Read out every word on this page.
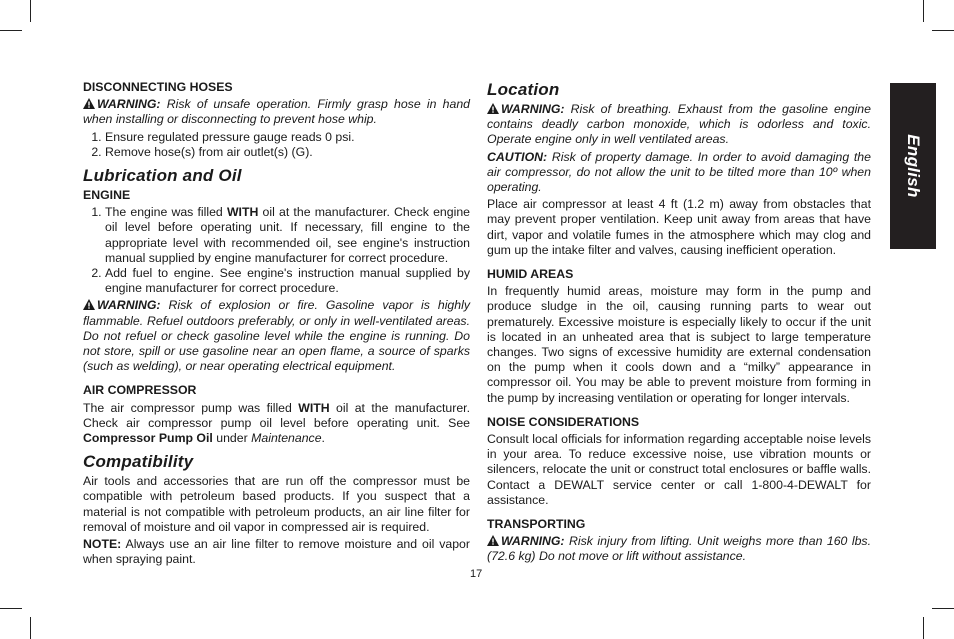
DISCONNECTING HOSES
WARNING: Risk of unsafe operation. Firmly grasp hose in hand when installing or disconnecting to prevent hose whip.
1. Ensure regulated pressure gauge reads 0 psi.
2. Remove hose(s) from air outlet(s) (G).
Lubrication and Oil
ENGINE
1. The engine was filled WITH oil at the manufacturer. Check engine oil level before operating unit. If necessary, fill engine to the appropriate level with recommended oil, see engine's instruction manual supplied by engine manufacturer for correct procedure.
2. Add fuel to engine. See engine's instruction manual supplied by engine manufacturer for correct procedure.
WARNING: Risk of explosion or fire. Gasoline vapor is highly flammable. Refuel outdoors preferably, or only in well-ventilated areas. Do not refuel or check gasoline level while the engine is running. Do not store, spill or use gasoline near an open flame, a source of sparks (such as welding), or near operating electrical equipment.
AIR COMPRESSOR

The air compressor pump was filled WITH oil at the manufacturer. Check air compressor pump oil level before operating unit. See Compressor Pump Oil under Maintenance.

Compatibility

Air tools and accessories that are run off the compressor must be compatible with petroleum based products. If you suspect that a material is not compatible with petroleum products, an air line filter for removal of moisture and oil vapor in compressed air is required.

NOTE: Always use an air line filter to remove moisture and oil vapor when spraying paint.

Location
WARNING: Risk of breathing. Exhaust from the gasoline engine contains deadly carbon monoxide, which is odorless and toxic. Operate engine only in well ventilated areas.
CAUTION: Risk of property damage. In order to avoid damaging the air compressor, do not allow the unit to be tilted more than 10º when operating.

Place air compressor at least 4 ft (1.2 m) away from obstacles that may prevent proper ventilation. Keep unit away from areas that have dirt, vapor and volatile fumes in the atmosphere which may clog and gum up the intake filter and valves, causing inefficient operation.

HUMID AREAS

In frequently humid areas, moisture may form in the pump and produce sludge in the oil, causing running parts to wear out prematurely. Excessive moisture is especially likely to occur if the unit is located in an unheated area that is subject to large temperature changes. Two signs of excessive humidity are external condensation on the pump when it cools down and a “milky” appearance in compressor oil. You may be able to prevent moisture from forming in the pump by increasing ventilation or operating for longer intervals.

NOISE CONSIDERATIONS

Consult local officials for information regarding acceptable noise levels in your area. To reduce excessive noise, use vibration mounts or silencers, relocate the unit or construct total enclosures or baffle walls. Contact a DEWALT service center or call 1-800-4-DEWALT for assistance.

TRANSPORTING
WARNING: Risk injury from lifting. Unit weighs more than 160 lbs. (72.6 kg) Do not move or lift without assistance.
English
17
